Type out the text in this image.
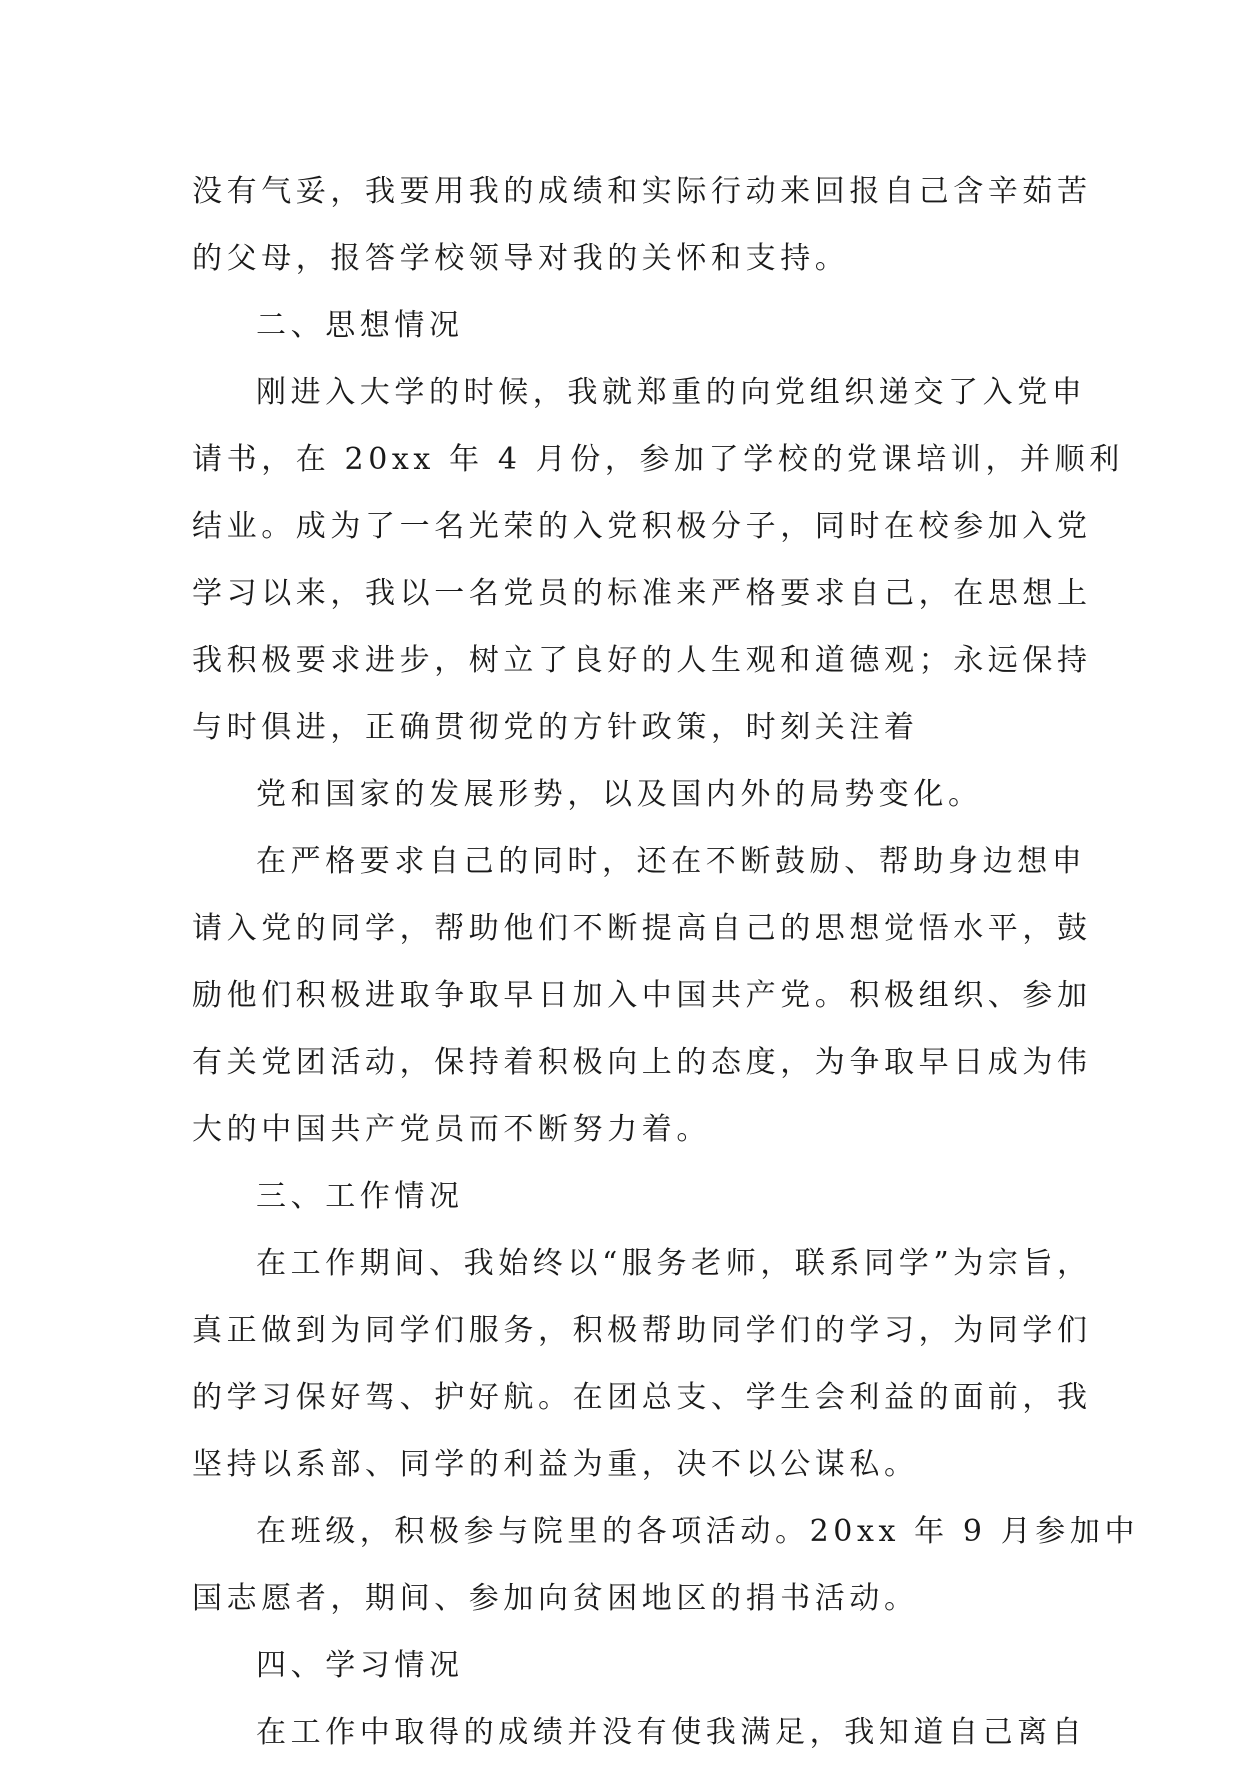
没有气妥，我要用我的成绩和实际行动来回报自己含辛茹苦
的父母，报答学校领导对我的关怀和支持。
二、思想情况
刚进入大学的时候，我就郑重的向党组织递交了入党申
请书，在 20xx 年 4 月份，参加了学校的党课培训，并顺利
结业。成为了一名光荣的入党积极分子，同时在校参加入党
学习以来，我以一名党员的标准来严格要求自己，在思想上
我积极要求进步，树立了良好的人生观和道德观；永远保持
与时俱进，正确贯彻党的方针政策，时刻关注着
党和国家的发展形势，以及国内外的局势变化。
在严格要求自己的同时，还在不断鼓励、帮助身边想申
请入党的同学，帮助他们不断提高自己的思想觉悟水平，鼓
励他们积极进取争取早日加入中国共产党。积极组织、参加
有关党团活动，保持着积极向上的态度，为争取早日成为伟
大的中国共产党员而不断努力着。
三、工作情况
在工作期间、我始终以“服务老师，联系同学”为宗旨，
真正做到为同学们服务，积极帮助同学们的学习，为同学们
的学习保好驾、护好航。在团总支、学生会利益的面前，我
坚持以系部、同学的利益为重，决不以公谋私。
在班级，积极参与院里的各项活动。20xx 年 9 月参加中
国志愿者，期间、参加向贫困地区的捐书活动。
四、学习情况
在工作中取得的成绩并没有使我满足，我知道自己离自
